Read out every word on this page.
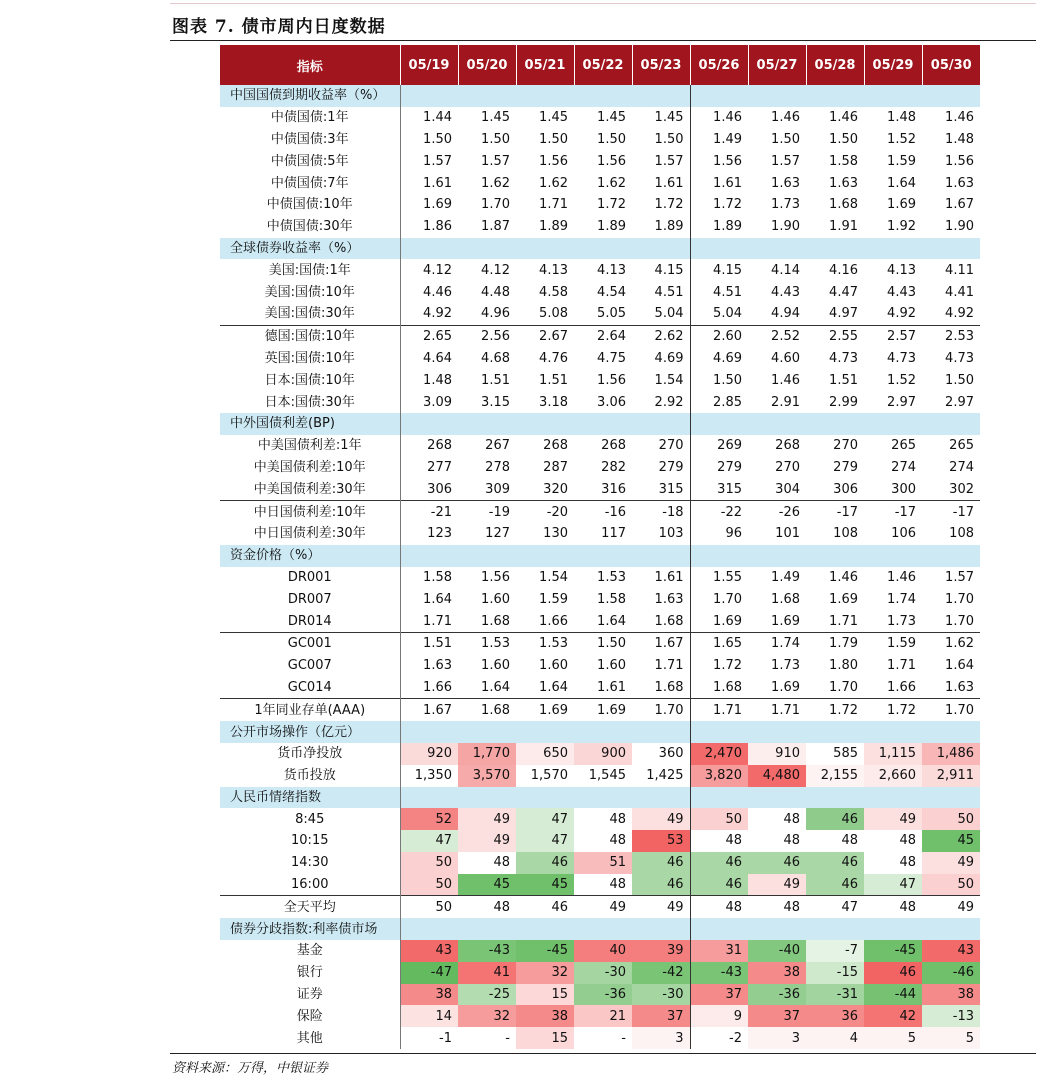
图表 7. 债市周内日度数据
指标	05/19	05/20	05/21	05/22	05/23	05/26	05/27	05/28	05/29	05/30
中国国债到期收益率（%）										
中债国债:1年	1.44	1.45	1.45	1.45	1.45	1.46	1.46	1.46	1.48	1.46
中债国债:3年	1.50	1.50	1.50	1.50	1.50	1.49	1.50	1.50	1.52	1.48
中债国债:5年	1.57	1.57	1.56	1.56	1.57	1.56	1.57	1.58	1.59	1.56
中债国债:7年	1.61	1.62	1.62	1.62	1.61	1.61	1.63	1.63	1.64	1.63
中债国债:10年	1.69	1.70	1.71	1.72	1.72	1.72	1.73	1.68	1.69	1.67
中债国债:30年	1.86	1.87	1.89	1.89	1.89	1.89	1.90	1.91	1.92	1.90
全球债券收益率（%）										
美国:国债:1年	4.12	4.12	4.13	4.13	4.15	4.15	4.14	4.16	4.13	4.11
美国:国债:10年	4.46	4.48	4.58	4.54	4.51	4.51	4.43	4.47	4.43	4.41
美国:国债:30年	4.92	4.96	5.08	5.05	5.04	5.04	4.94	4.97	4.92	4.92
德国:国债:10年	2.65	2.56	2.67	2.64	2.62	2.60	2.52	2.55	2.57	2.53
英国:国债:10年	4.64	4.68	4.76	4.75	4.69	4.69	4.60	4.73	4.73	4.73
日本:国债:10年	1.48	1.51	1.51	1.56	1.54	1.50	1.46	1.51	1.52	1.50
日本:国债:30年	3.09	3.15	3.18	3.06	2.92	2.85	2.91	2.99	2.97	2.97
中外国债利差(BP)										
中美国债利差:1年	268	267	268	268	270	269	268	270	265	265
中美国债利差:10年	277	278	287	282	279	279	270	279	274	274
中美国债利差:30年	306	309	320	316	315	315	304	306	300	302
中日国债利差:10年	-21	-19	-20	-16	-18	-22	-26	-17	-17	-17
中日国债利差:30年	123	127	130	117	103	96	101	108	106	108
资金价格（%）										
DR001	1.58	1.56	1.54	1.53	1.61	1.55	1.49	1.46	1.46	1.57
DR007	1.64	1.60	1.59	1.58	1.63	1.70	1.68	1.69	1.74	1.70
DR014	1.71	1.68	1.66	1.64	1.68	1.69	1.69	1.71	1.73	1.70
GC001	1.51	1.53	1.53	1.50	1.67	1.65	1.74	1.79	1.59	1.62
GC007	1.63	1.60	1.60	1.60	1.71	1.72	1.73	1.80	1.71	1.64
GC014	1.66	1.64	1.64	1.61	1.68	1.68	1.69	1.70	1.66	1.63
1年同业存单(AAA)	1.67	1.68	1.69	1.69	1.70	1.71	1.71	1.72	1.72	1.70
公开市场操作（亿元）										
货币净投放	920	1,770	650	900	360	2,470	910	585	1,115	1,486
货币投放	1,350	3,570	1,570	1,545	1,425	3,820	4,480	2,155	2,660	2,911
人民币情绪指数										
8:45	52	49	47	48	49	50	48	46	49	50
10:15	47	49	47	48	53	48	48	48	48	45
14:30	50	48	46	51	46	46	46	46	48	49
16:00	50	45	45	48	46	46	49	46	47	50
全天平均	50	48	46	49	49	48	48	47	48	49
债券分歧指数:利率债市场										
基金	43	-43	-45	40	39	31	-40	-7	-45	43
银行	-47	41	32	-30	-42	-43	38	-15	46	-46
证券	38	-25	15	-36	-30	37	-36	-31	-44	38
保险	14	32	38	21	37	9	37	36	42	-13
其他	-1	-	15	-	3	-2	3	4	5	5
资料来源：万得，中银证券
